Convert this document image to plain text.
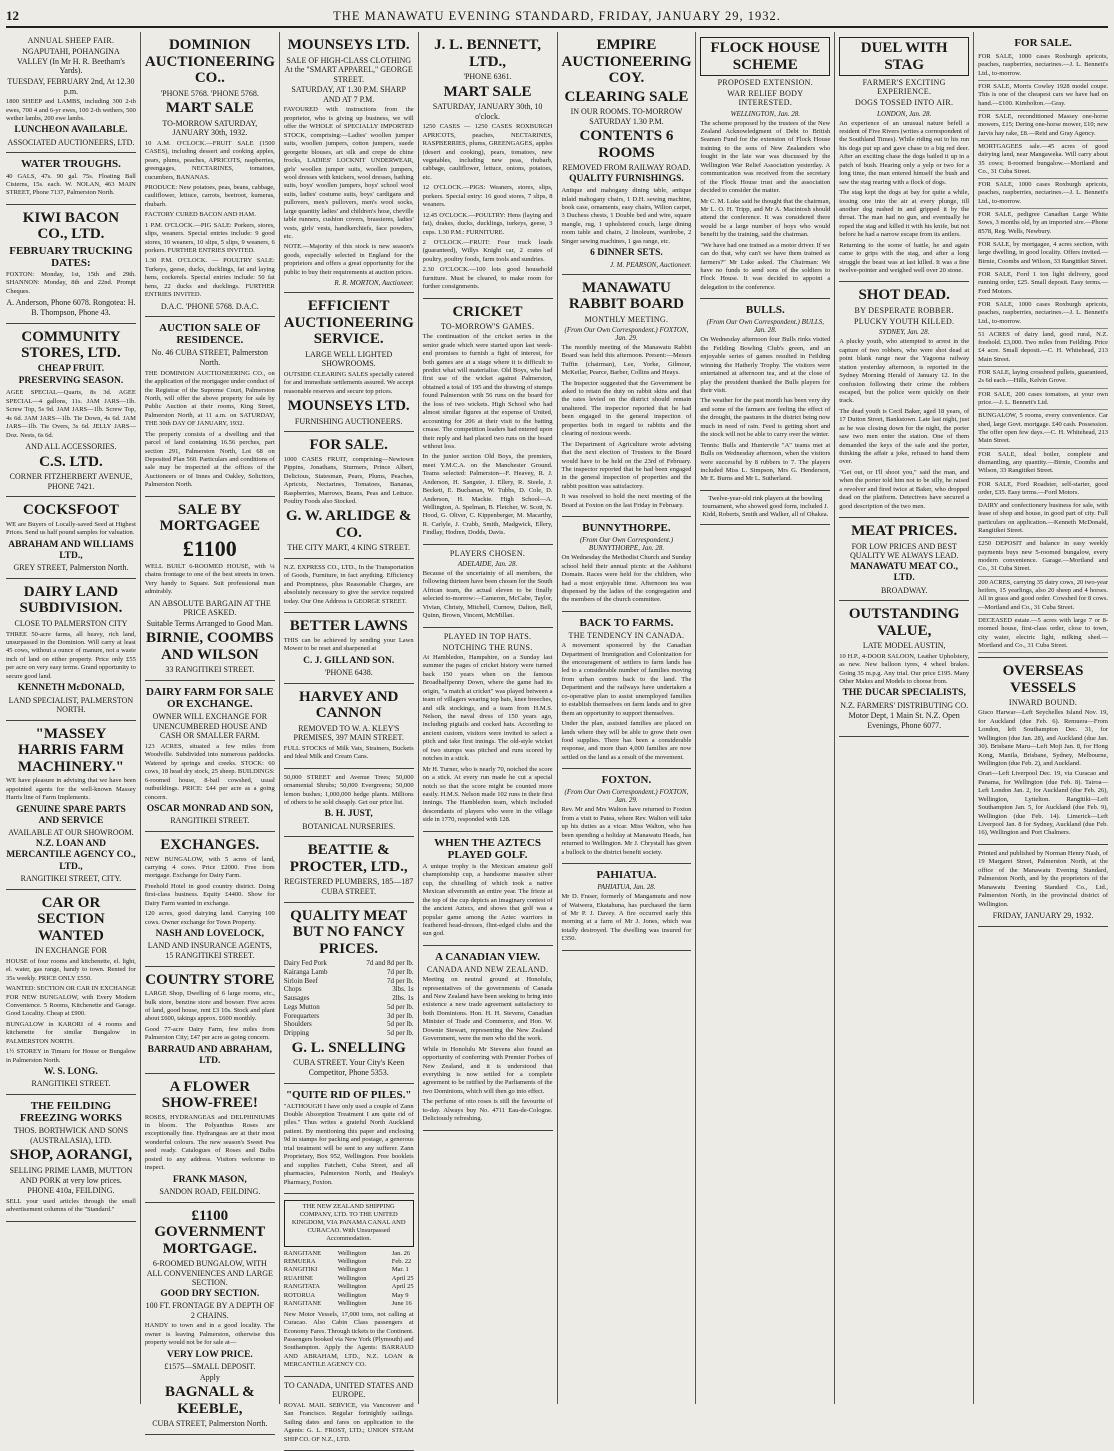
12	THE MANAWATU EVENING STANDARD, FRIDAY, JANUARY 29, 1932.
ANNUAL SHEEP FAIR.
NGAPUTAHI, POHANGINA VALLEY (In Mr H. R. Beetham's Yards).
TUESDAY, FEBRUARY 2nd, At 12.30 p.m.
1800 SHEEP and LAMBS, including 300 2-th ewes, 700 4 and 6-yr ewes, 100 2-th wethers, 500 wether lambs, 200 ewe lambs.
LUNCHEON AVAILABLE.
ASSOCIATED AUCTIONEERS, LTD.
WATER TROUGHS.
40 GALS, 47s. 90 gal. 75s. Floating Ball Cisterns, 15s. each. W. NOLAN, 463 MAIN STREET, Phone 7137, Palmerston North.
KIWI BACON CO., LTD.
FEBRUARY TRUCKING DATES:
FOXTON: Monday, 1st, 15th and 29th. SHANNON: Monday, 8th and 22nd. Prompt Cheques.
A. Anderson, Phone 6078. Rongotea: H. B. Thompson, Phone 43.
COMMUNITY STORES, LTD.
CHEAP FRUIT.
PRESERVING SEASON.
AGEE SPECIAL—Quarts, 8s 3d. AGEE SPECIAL—4 gallons, 11s. JAM JARS—1lb. Screw Top, 5s 9d. JAM JARS—1lb. Screw Top, 4s 6d. JAM JARS—1lb. Tie Down, 4s 6d. JAM JARS—1lb. Tie Overs, 3s 6d. JELLY JARS—Doz. Nests, 6s 6d.
AND ALL ACCESSORIES.
C.S. LTD.
CORNER FITZHERBERT AVENUE, PHONE 7421.
COCKSFOOT
WE are Buyers of Locally-saved Seed at Highest Prices. Send us half pound samples for valuation.
ABRAHAM AND WILLIAMS LTD.,
GREY STREET, Palmerston North.
DAIRY LAND SUBDIVISION.
CLOSE TO PALMERSTON CITY
THREE 50-acre farms, all heavy, rich land, unsurpassed in the Dominion. Will carry at least 45 cows, without a ounce of manure, not a waste inch of land on either property. Price only £55 per acre on very easy terms. Grand opportunity to secure good land.
KENNETH McDONALD,
LAND SPECIALIST, PALMERSTON NORTH.
"MASSEY HARRIS FARM MACHINERY."
WE have pleasure in advising that we have been appointed agents for the well-known Massey Harris line of Farm Implements.
GENUINE SPARE PARTS AND SERVICE
AVAILABLE AT OUR SHOWROOM.
N.Z. LOAN AND MERCANTILE AGENCY CO., LTD.,
RANGITIKEI STREET, CITY.
CAR OR SECTION WANTED
IN EXCHANGE FOR
HOUSE of four rooms and kitchenette, el. light, el. water, gas range, handy to town. Rented for 35s weekly. PRICE ONLY £550.
WANTED: SECTION OR CAR IN EXCHANGE FOR NEW BUNGALOW, with Every Modern Convenience. 5 Rooms, Kitchenette and Garage. Good Locality. Cheap at £900.
BUNGALOW in KARORI of 4 rooms and kitchenette for similar Bungalow in PALMERSTON NORTH.
1½ STOREY in Timaru for House or Bungalow in Palmerston North.
W. S. LONG.
RANGITIKEI STREET.
THE FEILDING FREEZING WORKS
THOS. BORTHWICK AND SONS (AUSTRALASIA), LTD.
SHOP, AORANGI,
SELLING PRIME LAMB, MUTTON AND PORK at very low prices.
PHONE 410a, FEILDING.
SELL your used articles through the small advertisement columns of the "Standard."
DOMINION AUCTIONEERING CO..
'PHONE 5768. 'PHONE 5768.
MART SALE
TO-MORROW SATURDAY, JANUARY 30th, 1932.
10 A.M. O'CLOCK.—FRUIT SALE (1500 CASES), including dessert and cooking apples, pears, plums, peaches, APRICOTS, raspberries, greengages, NECTARINES, tomatoes, cucumbers, BANANAS.
PRODUCE: New potatoes, peas, beans, cabbage, cauliflower, lettuce, carrots, beetroot, kumeras, rhubarb.
FACTORY CURED BACON AND HAM.
1 P.M. O'CLOCK.—PIG SALE: Porkers, stores, slips, weaners. Special entries include: 9 good stores, 10 weaners, 10 slips, 5 slips, 9 weaners, 6 porkers. FURTHER ENTRIES INVITED.
1.30 P.M. O'CLOCK. — POULTRY SALE: Turkeys, geese, ducks, ducklings, fat and laying hens, cockerels. Special entries include: 50 fat hens, 22 ducks and ducklings. FURTHER ENTRIES INVITED.
D.A.C. 'PHONE 5768. D.A.C.
AUCTION SALE OF RESIDENCE.
No. 46 CUBA STREET, Palmerston North.
THE DOMINION AUCTIONEERING CO., on the application of the mortgagee under conduct of the Registrar of the Supreme Court, Palmerston North, will offer the above property for sale by Public Auction at their rooms, King Street, Palmerston North, at 11 a.m. on SATURDAY, THE 30th DAY OF JANUARY, 1932.
The property consists of a dwelling and that parcel of land containing 16.56 perches, part section 291, Palmerston North, Lot 68 on Deposited Plan 560. Particulars and conditions of sale may be inspected at the offices of the Auctioneers or of Innes and Oakley, Solicitors, Palmerston North.
SALE BY MORTGAGEE
£1100
WELL BUILT 6-ROOMED HOUSE, with ¼ chains frontage to one of the best streets in town. Very handy to Square. Suit professional man admirably.
AN ABSOLUTE BARGAIN AT THE PRICE ASKED.
Suitable Terms Arranged to Good Man.
BIRNIE, COOMBS AND WILSON
33 RANGITIKEI STREET.
DAIRY FARM FOR SALE OR EXCHANGE.
OWNER WILL EXCHANGE FOR UNENCUMBERED HOUSE AND CASH OR SMALLER FARM.
123 ACRES, situated a few miles from Woodville. Subdivided into numerous paddocks. Watered by springs and creeks. STOCK: 60 cows, 18 head dry stock, 25 sheep. BUILDINGS: 6-roomed house, 8-bail cowshed, usual outbuildings. PRICE: £44 per acre as a going concern.
OSCAR MONRAD AND SON,
RANGITIKEI STREET.
EXCHANGES.
NEW BUNGALOW, with 5 acres of land, carrying 4 cows. Price £2000. Free from mortgage. Exchange for Dairy Farm.
Freehold Hotel in good country district. Doing first-class business. Equity £4400. Show for Dairy Farm wanted in exchange.
120 acres, good dairying land. Carrying 100 cows. Owner exchange for Town Property.
NASH AND LOVELOCK,
LAND AND INSURANCE AGENTS, 15 RANGITIKEI STREET.
COUNTRY STORE
LARGE Shop, Dwelling of 6 large rooms, etc., bulk store, benzine store and bowser. Five acres of land, good house, rent £3 10s. Stock and plant about £600, takings approx. £600 monthly.
Good 77-acre Dairy Farm, few miles from Palmerston City; £47 per acre as going concern.
BARRAUD AND ABRAHAM, LTD.
A FLOWER SHOW-FREE!
ROSES, HYDRANGEAS and DELPHINIUMS in bloom. The Polyanthus Roses are exceptionally fine. Hydrangeas are at their most wonderful colours. The new season's Sweet Pea seed ready. Catalogues of Roses and Bulbs posted to any address. Visitors welcome to inspect.
FRANK MASON,
SANDON ROAD, FEILDING.
£1100 GOVERNMENT MORTGAGE.
6-ROOMED BUNGALOW, WITH ALL CONVENIENCES AND LARGE SECTION.
GOOD DRY SECTION.
100 FT. FRONTAGE BY A DEPTH OF 2 CHAINS.
HANDY to town and in a good locality. The owner is leaving Palmerston, otherwise this property would not be for sale at—
VERY LOW PRICE.
£1575—SMALL DEPOSIT.
Apply
BAGNALL & KEEBLE,
CUBA STREET, Palmerston North.
MOUNSEYS LTD.
SALE OF HIGH-CLASS CLOTHING At the "SMART APPAREL," GEORGE STREET.
SATURDAY, AT 1.30 P.M. SHARP AND AT 7 P.M.
FAVOURED with instructions from the proprietor, who is giving up business, we will offer the WHOLE of SPECIALLY IMPORTED STOCK, comprising:—Ladies' woollen jumper suits, woollen jumpers, cotton jumpers, suede georgette blouses, art silk and crepe de chine frocks, LADIES' LOCKNIT UNDERWEAR, girls' woollen jumper suits, woollen jumpers, wool dresses with knickers, wool dresses, bathing suits, boys' woollen jumpers, boys' school wool suits, ladies' costume suits, boys' cardigans and pullovers, men's pullovers, men's wool socks, large quantity ladies' and children's hose, cheville table runners, cushion covers, brassieres, ladies' vests, girls' vests, handkerchiefs, face powders, etc.
NOTE.—Majority of this stock is new season's goods, especially selected in England for the proprietors and offers a great opportunity for the public to buy their requirements at auction prices.
R. R. MORTON, Auctioneer.
EFFICIENT AUCTIONEERING SERVICE.
LARGE WELL LIGHTED SHOWROOMS.
OUTSIDE CLEARING SALES specially catered for and immediate settlements assured. We accept reasonable reserves and secure top prices.
MOUNSEYS LTD.
FURNISHING AUCTIONEERS.
FOR SALE.
1000 CASES FRUIT, comprising—Newtown Pippins, Jonathans, Sturmers, Prince Albert, Delicious, Statesman, Pears, Plums, Peaches, Apricots, Nectarines, Tomatoes, Bananas, Raspberries, Marrows, Beans, Peas and Lettuce. Poultry Foods also Stocked.
G. W. ARLIDGE & CO.
THE CITY MART, 4 KING STREET.
N.Z. EXPRESS CO., LTD., In the Transportation of Goods, Furniture, in fact anything. Efficiency and Promptness, plus Reasonable Charges, are absolutely necessary to give the service required today. Our One Address is GEORGE STREET.
BETTER LAWNS
THIS can be achieved by sending your Lawn Mower to be reset and sharpened at
C. J. GILL AND SON.
'PHONE 6438.
HARVEY AND CANNON
REMOVED TO W. A. KLEY'S PREMISES, 397 MAIN STREET.
FULL STOCKS of Milk Vats, Strainers, Buckets and Ideal Milk and Cream Cans.
50,000 STREET and Avenue Trees; 50,000 ornamental Shrubs; 50,000 Evergreens; 50,000 lemon bushes; 1,000,000 hedge plants. Millions of others to be sold cheaply. Get our price list.
B. H. JUST,
BOTANICAL NURSERIES.
BEATTIE & PROCTER, LTD.,
REGISTERED PLUMBERS, 185—187 CUBA STREET.
QUALITY MEAT BUT NO FANCY PRICES.
Dairy Fed Pork	7d and 8d per lb.
Kairanga Lamb	7d per lb.
Sirloin Beef	7d per lb.
Chops	3lbs. 1s
Sausages	2lbs. 1s
Legs Mutton	5d per lb.
Forequarters	3d per lb.
Shoulders	5d per lb.
Dripping	5d per lb.
G. L. SNELLING
CUBA STREET. Your City's Keen Competitor, Phone 5353.
"QUITE RID OF PILES."
"ALTHOUGH I have only used a couple of Zann Double Absorption Treatment I am quite rid of piles." Thus writes a grateful North Auckland patient. By mentioning this paper and enclosing 9d in stamps for packing and postage, a generous trial treatment will be sent to any sufferer. Zann Proprietary, Box 952, Wellington. Free booklets and supplies Fatchett, Cuba Street, and all pharmacies, Palmerston North, and Healey's Pharmacy, Foxton.
THE NEW ZEALAND SHIPPING COMPANY, LTD. TO THE UNITED KINGDOM, VIA PANAMA CANAL AND CURACAO. With Unsurpassed Accommodation.
RANGITANE	Wellington	Jan. 26
REMUERA	Wellington	Feb. 22
RANGITIKI	Wellington	Mar. 1
RUAHINE	Wellington	April 25
RANGITATA	Wellington	April 25
ROTORUA	Wellington	May 9
RANGITANE	Wellington	June 16
New Motor Vessels, 17,000 tons, not calling at Curacao. Also Cabin Class passengers at Economy Fares. Through tickets to the Continent. Passengers booked via New York (Plymouth) and Southampton. Apply the Agents: BARRAUD AND ABRAHAM, LTD., N.Z. LOAN & MERCANTILE AGENCY CO.
TO CANADA, UNITED STATES AND EUROPE.
ROYAL MAIL SERVICE, via Vancouver and San Francisco. Regular fortnightly sailings. Sailing dates and fares on application to the Agents: G. L. FROST, LTD.; UNION STEAM SHIP CO. OF N.Z., LTD.
J. L. BENNETT, LTD.,
'PHONE 6361.
MART SALE
SATURDAY, JANUARY 30th, 10 o'clock.
1250 CASES — 1250 CASES ROXBURGH APRICOTS, peaches, NECTARINES, RASPBERRIES, plums, GREENGAGES, apples (desert and cooking), pears, tomatoes, new vegetables, including new peas, rhubarb, cabbage, cauliflower, lettuce, onions, potatoes, etc.
12 O'CLOCK.—PIGS: Weaners, stores, slips, porkers. Special entry: 16 good stores, 7 slips, 8 weaners.
12.45 O'CLOCK.—POULTRY: Hens (laying and fat), drakes, ducks, ducklings, turkeys, geese, 3 cups. 1.30 P.M.: FURNITURE.
2 O'CLOCK.—FRUIT: Four truck loads (guaranteed), Willys Knight car, 2 crates of poultry, poultry foods, farm tools and sundries.
2.30 O'CLOCK.—100 lots good household furniture. Must be cleared, to make room for further consignments.
CRICKET
TO-MORROW'S GAMES.
The continuation of the cricket series in the senior grade which were started upon last week-end promises to furnish a fight of interest, for both games are at a stage where it is difficult to predict what will materialise. Old Boys, who had first use of the wicket against Palmerston, obtained a total of 195 and the drawing of stumps found Palmerston with 56 runs on the board for the loss of two wickets. High School who had almost similar figures at the expense of United, accounting for 206 at their visit to the batting crease. The competition leaders had entered upon their reply and had placed two runs on the board without loss.
In the junior section Old Boys, the premiers, meet Y.M.C.A. on the Manchester Ground. Teams selected: Palmerston—F. Heavey, R. J. Anderson, H. Sangster, J. Ellery, R. Steele, J. Beckett, E. Buchanan, W. Tubbs, D. Cole, D. Anderson, H. Mackie. High School—A. Wellington, A. Spelman, B. Fletcher, W. Scott, N. Hood, G. Oliver, C. Kippenberger, M. Macarthy, R. Carlyle, J. Crabb, Smith, Madgwick, Ellery, Findlay, Hodren, Dodds, Davis.
PLAYERS CHOSEN.
ADELAIDE, Jan. 28.
Because of the uncertainty of all members, the following thirteen have been chosen for the South African team, the actual eleven to be finally selected to-morrow:—Cameron, McCabe, Taylor, Vivian, Christy, Mitchell, Curnow, Dalton, Bell, Quinn, Brown, Vincent, McMillan.
PLAYED IN TOP HATS.
NOTCHING THE RUNS.
At Hambledon, Hampshire, on a Sunday last summer the pages of cricket history were turned back 150 years when on the famous Broadhalfpenny Down, where the game had its origin, "a match at cricket" was played between a team of villagers wearing top hats, knee breeches, and silk stockings, and a team from H.M.S. Nelson, the naval dress of 150 years ago, including pigtails and cocked hats. According to ancient custom, visitors were invited to select a pitch and take first innings. The old-style wicket of two stumps was pitched and runs scored by notches in a stick.
Mr H. Turner, who is nearly 70, notched the score on a stick. At every run made he cut a special notch so that the score might be counted more easily. H.M.S. Nelson made 102 runs in their first innings. The Hambledon team, which included descendants of players who were in the village side in 1770, responded with 128.
WHEN THE AZTECS PLAYED GOLF.
A unique trophy is the Mexican amateur golf championship cup, a handsome massive silver cup, the chiselling of which took a native Mexican silversmith an entire year. The frieze at the top of the cup depicts an imaginary contest of the ancient Aztecs, and shows that golf was a popular game among the Aztec warriors in feathered head-dresses, flint-edged clubs and the sun god.
A CANADIAN VIEW.
CANADA AND NEW ZEALAND.
Meeting on neutral ground at Honolulu, representatives of the governments of Canada and New Zealand have been seeking to bring into existence a new trade agreement satisfactory to both Dominions. Hon. H. H. Stevens, Canadian Minister of Trade and Commerce, and Hon. W. Downie Stewart, representing the New Zealand Government, were the men who did the work.
While in Honolulu Mr Stevens also found an opportunity of conferring with Premier Forbes of New Zealand, and it is understood that everything is now settled for a complete agreement to be ratified by the Parliaments of the two Dominions, which will then go into effect.
The perfume of otto roses is still the favourite of to-day. Always buy No. 4711 Eau-de-Cologne. Deliciously refreshing.
EMPIRE AUCTIONEERING COY.
CLEARING SALE
IN OUR ROOMS. TO-MORROW SATURDAY 1.30 P.M.
CONTENTS 6 ROOMS
REMOVED FROM RAILWAY ROAD.
QUALITY FURNISHINGS.
Antique and mahogany dining table, antique inlaid mahogany chairs, 1 D.H. sewing machine, book case, ornaments, easy chairs, Wilton carpet, 3 Duchess chests, 1 Double bed and wire, square mangle, rug, 1 upholstered couch, large dining room table and chairs, 2 linoleum, wardrobe, 2 Singer sewing machines, 1 gas range, etc.
6 DINNER SETS.
J. M. PEARSON, Auctioneer.
MANAWATU RABBIT BOARD
MONTHLY MEETING.
(From Our Own Correspondent.) FOXTON, Jan. 29.
The monthly meeting of the Manawatu Rabbit Board was held this afternoon. Present:—Messrs Tuffin (chairman), Lee, Yorke, Gilmour, McKeilar, Pearce, Barber, Collins and Heays.
The Inspector suggested that the Government be asked to retain the duty on rabbit skins and that the rates levied on the district should remain unaltered. The inspector reported that he had been engaged in the general inspection of properties both in regard to rabbits and the clearing of noxious weeds.
The Department of Agriculture wrote advising that the next election of Trustees to the Board would have to be held on the 23rd of February. The inspector reported that he had been engaged in the general inspection of properties and the rabbit position was satisfactory.
It was resolved to hold the next meeting of the Board at Foxton on the last Friday in February.
BUNNYTHORPE.
(From Our Own Correspondent.) BUNNYTHORPE, Jan. 28.
On Wednesday the Methodist Church and Sunday school held their annual picnic at the Ashhurst Domain. Races were held for the children, who had a most enjoyable time. Afternoon tea was dispensed by the ladies of the congregation and the members of the church committee.
BACK TO FARMS.
THE TENDENCY IN CANADA.
A movement sponsored by the Canadian Department of Immigration and Colonization for the encouragement of settlers to farm lands has led to a considerable number of families moving from urban centres back to the land. The Department and the railways have undertaken a co-operative plan to assist unemployed families to establish themselves on farm lands and to give them an opportunity to support themselves.
Under the plan, assisted families are placed on lands where they will be able to grow their own food supplies. There has been a considerable response, and more than 4,000 families are now settled on the land as a result of the movement.
FOXTON.
(From Our Own Correspondent.) FOXTON, Jan. 29.
Rev. Mr and Mrs Walton have returned to Foxton from a visit to Patea, where Rev. Walton will take up his duties as a vicar. Miss Walton, who has been spending a holiday at Manawatu Heads, has returned to Wellington. Mr J. Chrystall has given a bullock to the district benefit society.
PAHIATUA.
PAHIATUA, Jan. 28.
Mr D. Fraser, formerly of Mangamutu and now of Waiwera, Ekatahuna, has purchased the farm of Mr P. J. Davey. A fire occurred early this morning at a farm of Mr J. Jones, which was totally destroyed. The dwelling was insured for £350.
FLOCK HOUSE SCHEME
PROPOSED EXTENSION.
WAR RELIEF BODY INTERESTED.
WELLINGTON, Jan. 28.
The scheme proposed by the trustees of the New Zealand Acknowledgment of Debt to British Seamen Fund for the extension of Flock House training to the sons of New Zealanders who fought in the late war was discussed by the Wellington War Relief Association yesterday. A communication was received from the secretary of the Flock House trust and the association decided to consider the matter.
Mr C. M. Luke said he thought that the chairman, Mr L. O. H. Tripp, and Mr A. Macintosh should attend the conference. It was considered there would be a large number of boys who would benefit by the training, said the chairman.
"We have had one trained as a motor driver. If we can do that, why can't we have them trained as farmers?" Mr Luke asked. The Chairman: We have no funds to send sons of the soldiers to Flock House. It was decided to appoint a delegation to the conference.
BULLS.
(From Our Own Correspondent.) BULLS, Jan. 28.
On Wednesday afternoon four Bulls rinks visited the Feilding Bowling Club's green, and an enjoyable series of games resulted in Feilding winning the Hatherly Trophy. The visitors were entertained at afternoon tea, and at the close of play the president thanked the Bulls players for their visit.
The weather for the past month has been very dry and some of the farmers are feeling the effect of the drought, the pastures in the district being now much in need of rain. Feed is getting short and the stock will not be able to carry over the winter.
Tennis: Bulls and Huntervile "A" teams met at Bulls on Wednesday afternoon, when the visitors were successful by 8 rubbers to 7. The players included Miss L. Simpson, Mrs G. Henderson, Mr E. Burns and Mr L. Sutherland.
Twelve-year-old rink players at the bowling tournament, who showed good form, included J. Kidd, Roberts, Smith and Walker, all of Ohakea.
DUEL WITH STAG
FARMER'S EXCITING EXPERIENCE.
DOGS TOSSED INTO AIR.
LONDON, Jan. 28.
An experience of an unusual nature befell a resident of Five Rivers (writes a correspondent of the Southland Times). While riding out to his run his dogs put up and gave chase to a big red deer. After an exciting chase the dogs bailed it up in a patch of bush. Hearing only a yelp or two for a long time, the man entered himself the bush and saw the stag rearing with a flock of dogs.
The stag kept the dogs at bay for quite a while, tossing one into the air at every plunge, till another dog rushed in and gripped it by the throat. The man had no gun, and eventually he roped the stag and killed it with his knife, but not before he had a narrow escape from its antlers.
Returning to the scene of battle, he and again came to grips with the stag, and after a long struggle the beast was at last killed. It was a fine twelve-pointer and weighed well over 20 stone.
SHOT DEAD.
BY DESPERATE ROBBER.
PLUCKY YOUTH KILLED.
SYDNEY, Jan. 28.
A plucky youth, who attempted to arrest in the capture of two robbers, who were shot dead at point blank range near the Yagoona railway station yesterday afternoon, is reported in the Sydney Morning Herald of January 12. In the confusion following their crime the robbers escaped, but the police were quickly on their track.
The dead youth is Cecil Baker, aged 18 years, of 17 Dutton Street, Bankstown. Late last night, just as he was closing down for the night, the porter saw two men enter the station. One of them demanded the keys of the safe and the porter, thinking the affair a joke, refused to hand them over.
"Get out, or I'll shoot you," said the man, and when the porter told him not to be silly, he raised a revolver and fired twice at Baker, who dropped dead on the platform. Detectives have secured a good description of the two men.
MEAT PRICES.
FOR LOW PRICES AND BEST QUALITY WE ALWAYS LEAD.
MANAWATU MEAT CO., LTD.
BROADWAY.
OUTSTANDING VALUE,
LATE MODEL AUSTIN,
10 H.P., 4-DOOR SALOON, Leather Upholstery, as new. New balloon tyres, 4 wheel brakes. Going 35 m.p.g. Any trial. Our price £195. Many Other Makes and Models to choose from.
THE DUCAR SPECIALISTS,
N.Z. FARMERS' DISTRIBUTING CO.
Motor Dept, 1 Main St. N.Z. Open Evenings, Phone 6077.
FOR SALE.
FOR SALE, 1000 cases Roxburgh apricots, peaches, raspberries, nectarines.—J. L. Bennett's Ltd., to-morrow.
FOR SALE, Morris Cowley 1928 model coupe. This is one of the cheapest cars we have had on hand.—£100. Kimbolton.—Gray.
FOR SALE, reconditioned Massey one-horse mowers, £15; Dering one-horse mower, £10; new Jarvis hay rake, £8.—Reid and Gray Agency.
MORTGAGEES sale.—45 acres of good dairying land, near Mangaweka. Will carry about 35 cows; 8-roomed bungalow.—Mortland and Co., 31 Cuba Street.
FOR SALE, 1000 cases Roxburgh apricots, peaches, raspberries, nectarines.—J. L. Bennett's Ltd., to-morrow.
FOR SALE, pedigree Canadian Large White Sows, 3 months old, by an imported sire.—Phone 8578, Reg. Wells, Newbury.
FOR SALE, by mortgagee, 4 acres section, with large dwelling, in good locality. Offers invited.—Birnie, Coombs and Wilson, 33 Rangitikei Street.
FOR SALE, Ford 1 ton light delivery, good running order, £25. Small deposit. Easy terms.—Ford Motors.
FOR SALE, 1000 cases Roxburgh apricots, peaches, raspberries, nectarines.—J. L. Bennett's Ltd., to-morrow.
51 ACRES of dairy land, good rural, N.Z. freehold. £3,000. Two miles from Feilding. Price £4 acre. Small deposit.—C. H. Whitehead, 213 Main Street.
FOR SALE, laying crossbred pullets, guaranteed, 2s 6d each.—Hills, Kelvin Grove.
FOR SALE, 200 cases tomatoes, at your own price.—J. L. Bennett's Ltd.
BUNGALOW, 5 rooms, every convenience. Car shed, large Govt. mortgage. £40 cash. Possession. The offer open few days.—C. H. Whitehead, 213 Main Street.
FOR SALE, ideal boiler, complete and dismantling, any quantity.—Birnie, Coombs and Wilson, 33 Rangitikei Street.
FOR SALE, Ford Roadster, self-starter, good order, £35. Easy terms.—Ford Motors.
DAIRY and confectionery business for sale, with lease of shop and house, in good part of city. Full particulars on application.—Kenneth McDonald, Rangitikei Street.
£250 DEPOSIT and balance in easy weekly payments buys new 5-roomed bungalow, every modern convenience. Garage.—Mortland and Co., 31 Cuba Street.
200 ACRES, carrying 35 dairy cows, 20 two-year heifers, 15 yearlings, also 20 sheep and 4 horses. All in grass and good order. Cowshed for 8 cows.—Mortland and Co., 31 Cuba Street.
DECEASED estate.—5 acres with large 7 or 8-roomed house, first-class order, close to town, city water, electric light, milking shed.—Mortland and Co., 31 Cuba Street.
OVERSEAS VESSELS
INWARD BOUND.
Gisco Harwar—Left Seychelles Island Nov. 19, for Auckland (due Feb. 6). Remuera—From London, left Southampton Dec. 31, for Wellington (due Jan. 28), and Auckland (due Jan. 30). Brisbane Maru—Left Moji Jan. 8, for Hong Kong, Manila, Brisbane, Sydney, Melbourne, Wellington (due Feb. 2), and Auckland.
Orari—Left Liverpool Dec. 19, via Curacao and Panama, for Wellington (due Feb. 8). Tairoa—Left London Jan. 2, for Auckland (due Feb. 26), Wellington, Lyttelton. Rangitiki—Left Southampton Jan. 5, for Auckland (due Feb. 9), Wellington (due Feb. 14). Limerick—Left Liverpool Jan. 8 for Sydney, Auckland (due Feb. 16), Wellington and Port Chalmers.
Printed and published by Norman Henry Nash, of 19 Margaret Street, Palmerston North, at the office of the Manawatu Evening Standard, Palmerston North, and by the proprietors of the Manawatu Evening Standard Co., Ltd., Palmerston North, in the provincial district of Wellington.
FRIDAY, JANUARY 29, 1932.
